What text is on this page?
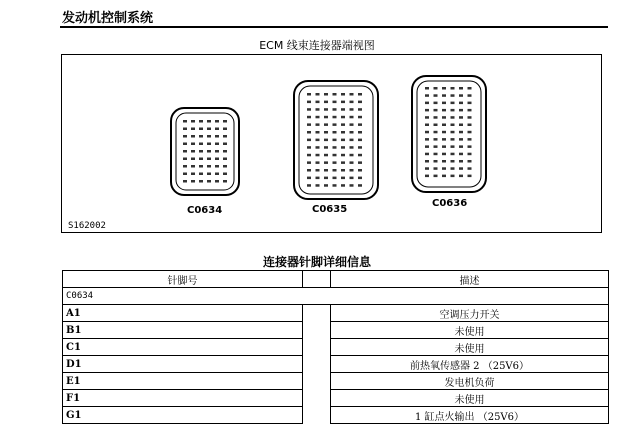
发动机控制系统
ECM 线束连接器端视图
C0634	C0635
C0636
S162002
连接器针脚详细信息
针脚号		描述
C0634		
A1		空调压力开关
B1		未使用
C1		未使用
D1		前热氧传感器 2 （25V6）
E1		发电机负荷
F1		未使用
G1		1 缸点火输出 （25V6）
